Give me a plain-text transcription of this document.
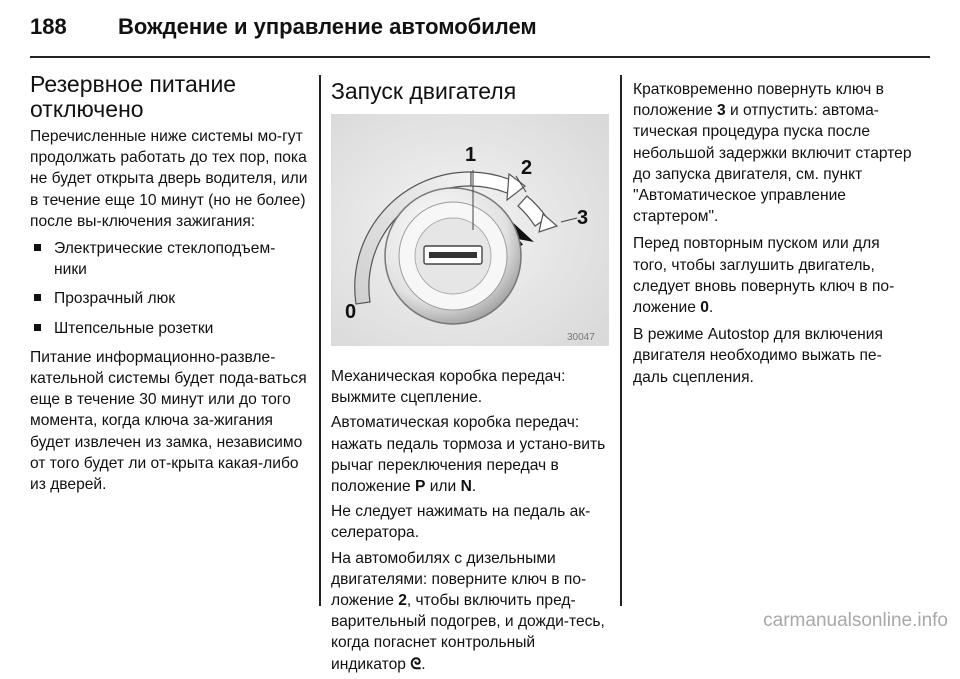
188 Вождение и управление автомобилем
Резервное питание отключено

Перечисленные ниже системы мо-гут продолжать работать до тех пор, пока не будет открыта дверь водителя, или в течение еще 10 минут (но не более) после вы-ключения зажигания:

Электрические стеклоподъем-ники
Прозрачный люк
Штепсельные розетки

Питание информационно-развле-кательной системы будет пода-ваться еще в течение 30 минут или до того момента, когда ключа за-жигания будет извлечен из замка, независимо от того будет ли от-крыта какая-либо из дверей.

Запуск двигателя
0
1
2
3
30047

Механическая коробка передач: выжмите сцепление.

Автоматическая коробка передач: нажать педаль тормоза и устано-вить рычаг переключения передач в положение P или N.

Не следует нажимать на педаль ак-селератора.

На автомобилях с дизельными двигателями: поверните ключ в по-ложение 2, чтобы включить пред-варительный подогрев, и дожди-тесь, когда погаснет контрольный индикатор ᘓ.

Кратковременно повернуть ключ в положение 3 и отпустить: автома-тическая процедура пуска после небольшой задержки включит стартер до запуска двигателя, см. пункт "Автоматическое управление стартером".

Перед повторным пуском или для того, чтобы заглушить двигатель, следует вновь повернуть ключ в по-ложение 0.

В режиме Autostop для включения двигателя необходимо выжать пе-даль сцепления.

carmanualsonline.info
